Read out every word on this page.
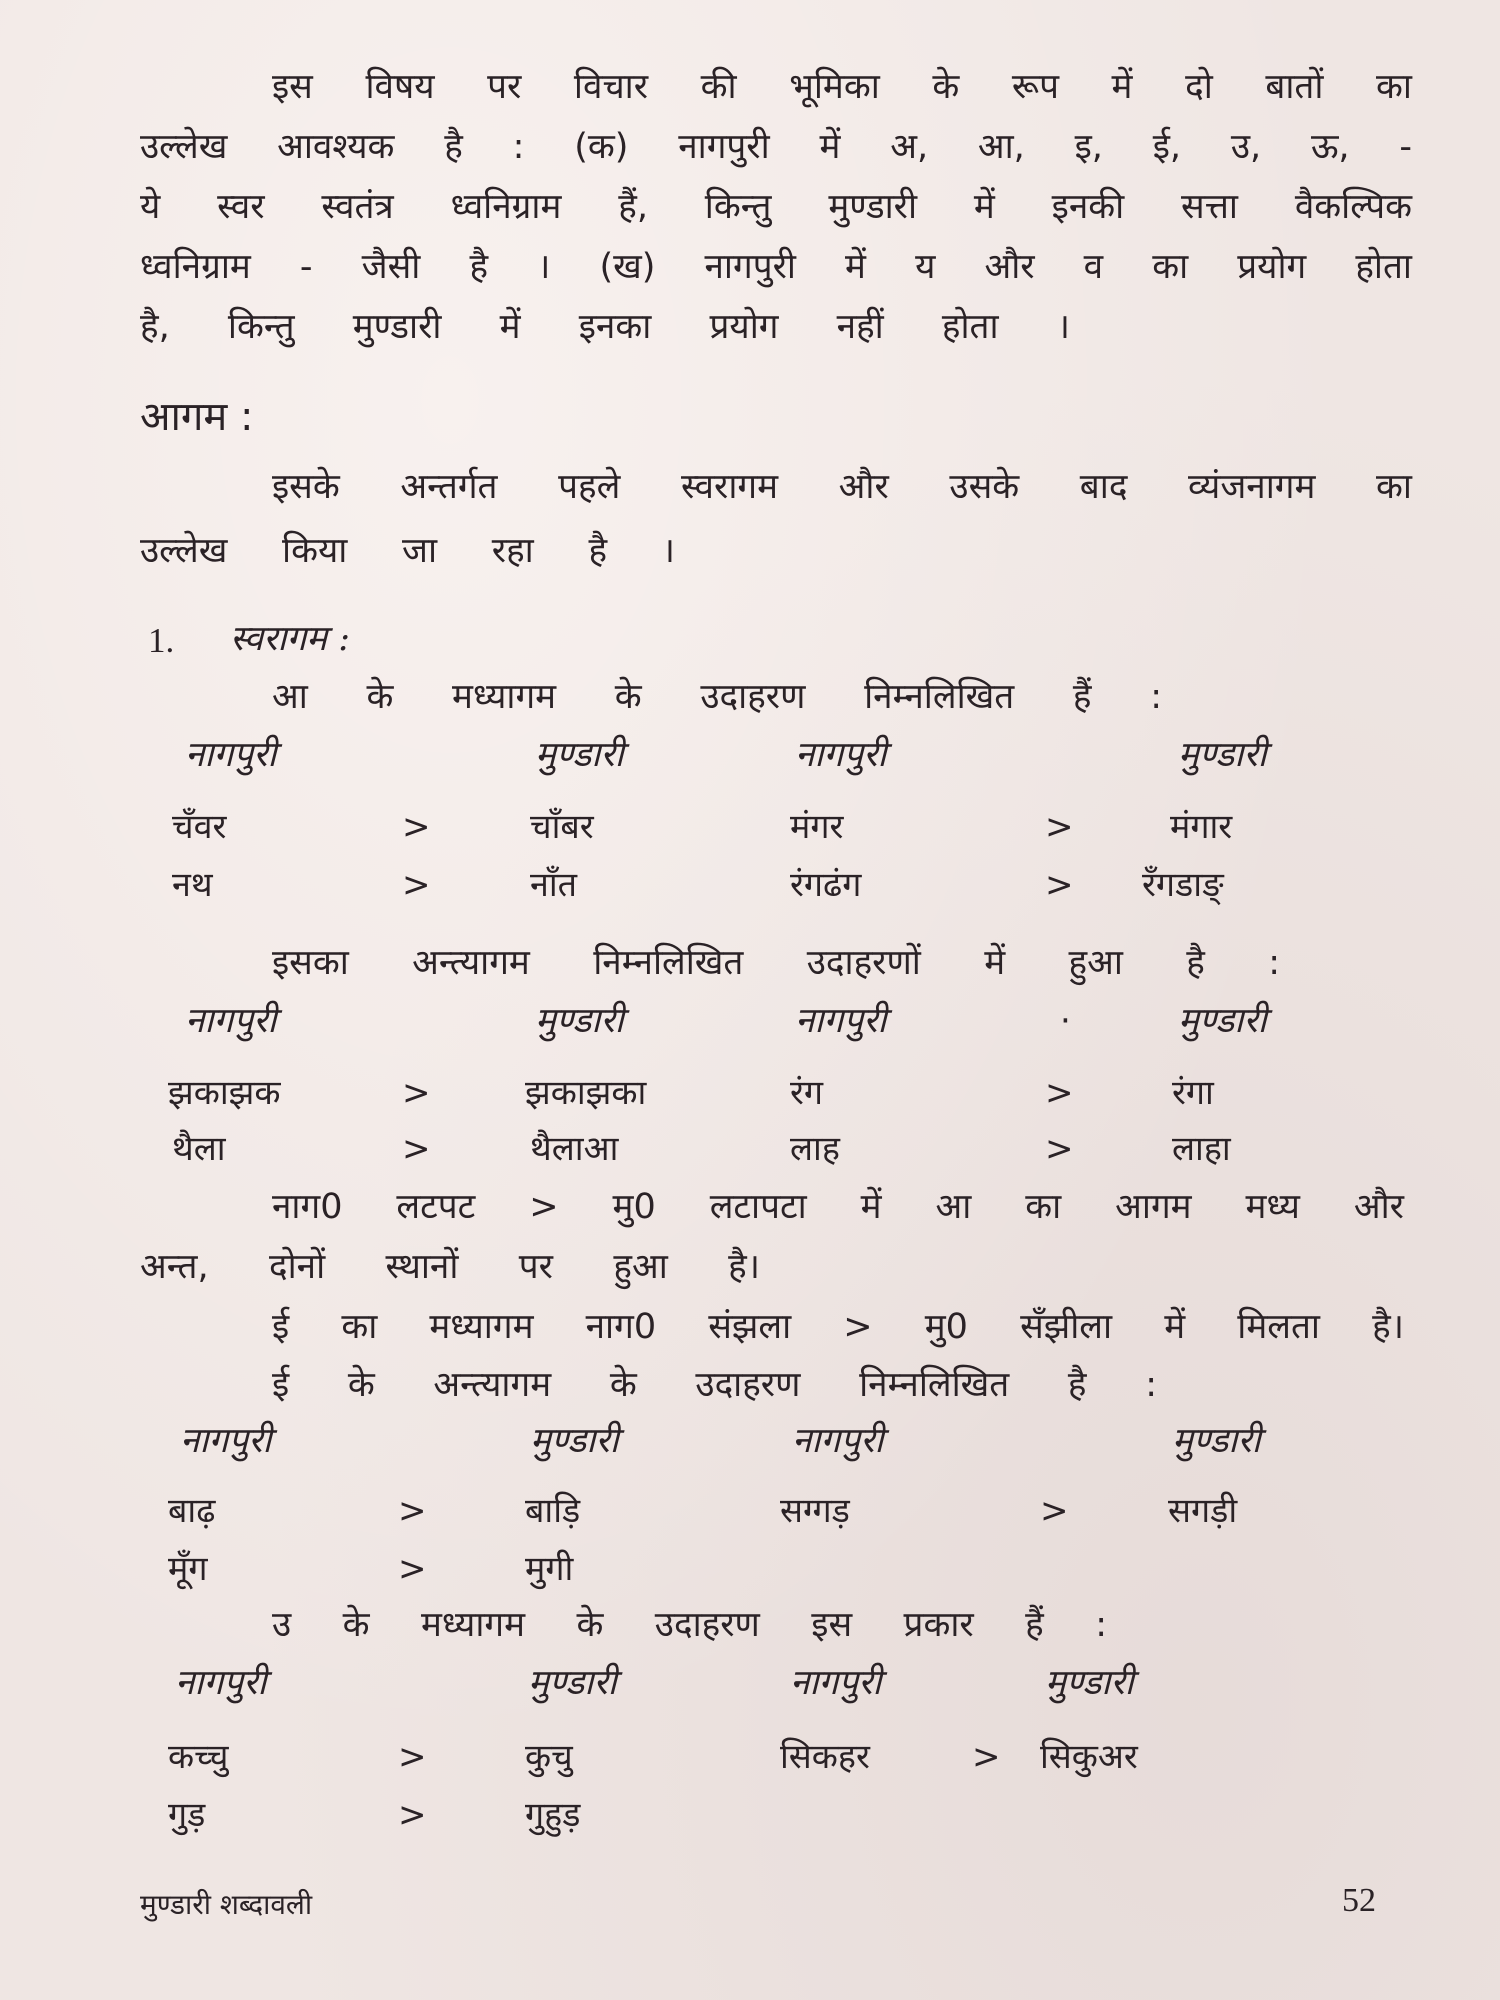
इस विषय पर विचार की भूमिका के रूप में दो बातों का
उल्लेख आवश्यक है : (क) नागपुरी में अ, आ, इ, ई, उ, ऊ, -
ये स्वर स्वतंत्र ध्वनिग्राम हैं, किन्तु मुण्डारी में इनकी सत्ता वैकल्पिक
ध्वनिग्राम - जैसी है । (ख) नागपुरी में य और व का प्रयोग होता
है, किन्तु मुण्डारी में इनका प्रयोग नहीं होता ।
आगम :
इसके अन्तर्गत पहले स्वरागम और उसके बाद व्यंजनागम का
उल्लेख किया जा रहा है ।
1. स्वरागम :
आ के मध्यागम के उदाहरण निम्नलिखित हैं :
नागपुरी	मुण्डारी	नागपुरी	मुण्डारी
चँवर	>	चाँबर	मंगर	>	मंगार
नथ	>	नाँत	रंगढंग	> रँगडाङ्
इसका अन्त्यागम निम्नलिखित उदाहरणों में हुआ है :
नागपुरी	मुण्डारी	नागपुरी	·	मुण्डारी
झकाझक	>	झकाझका	रंग	>	रंगा
थैला	>	थैलाआ	लाह	>	लाहा
नाग0 लटपट > मु0 लटापटा में आ का आगम मध्य और
अन्त, दोनों स्थानों पर हुआ है।
ई का मध्यागम नाग0 संझला > मु0 सँझीला में मिलता है।
ई के अन्त्यागम के उदाहरण निम्नलिखित है :
नागपुरी	मुण्डारी	नागपुरी	मुण्डारी
बाढ़	>	बाड़ि	सग्गड़	>	सगड़ी
मूँग	>	मुगी
उ के मध्यागम के उदाहरण इस प्रकार हैं :
नागपुरी	मुण्डारी	नागपुरी	मुण्डारी
कच्चु	>	कुचु	सिकहर	> सिकुअर
गुड़	>	गुहुड़
मुण्डारी शब्दावली	52
